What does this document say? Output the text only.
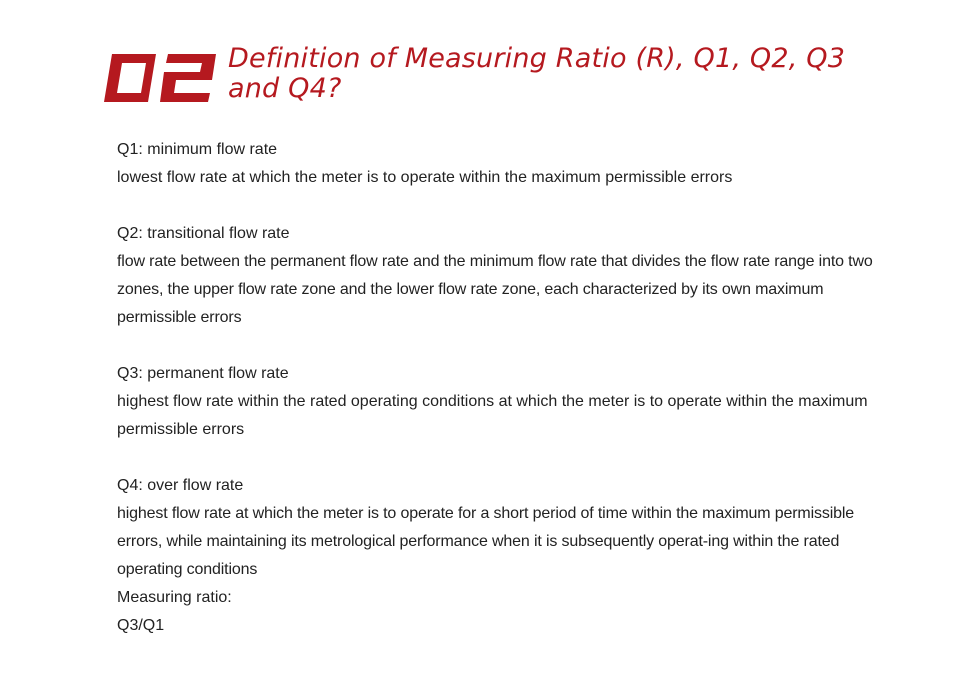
Definition of Measuring Ratio (R), Q1, Q2, Q3 and Q4?
Q1: minimum flow rate
lowest flow rate at which the meter is to operate within the maximum permissible errors
Q2: transitional flow rate
flow rate between the permanent flow rate and the minimum flow rate that divides the flow rate range into two zones, the upper flow rate zone and the lower flow rate zone, each characterized by its own maximum permissible errors
Q3: permanent flow rate
highest flow rate within the rated operating conditions at which the meter is to operate within the maximum permissible errors
Q4: over flow rate
highest flow rate at which the meter is to operate for a short period of time within the maximum permissible errors, while maintaining its metrological performance when it is subsequently operat-ing within the rated operating conditions
Measuring ratio:
Q3/Q1
